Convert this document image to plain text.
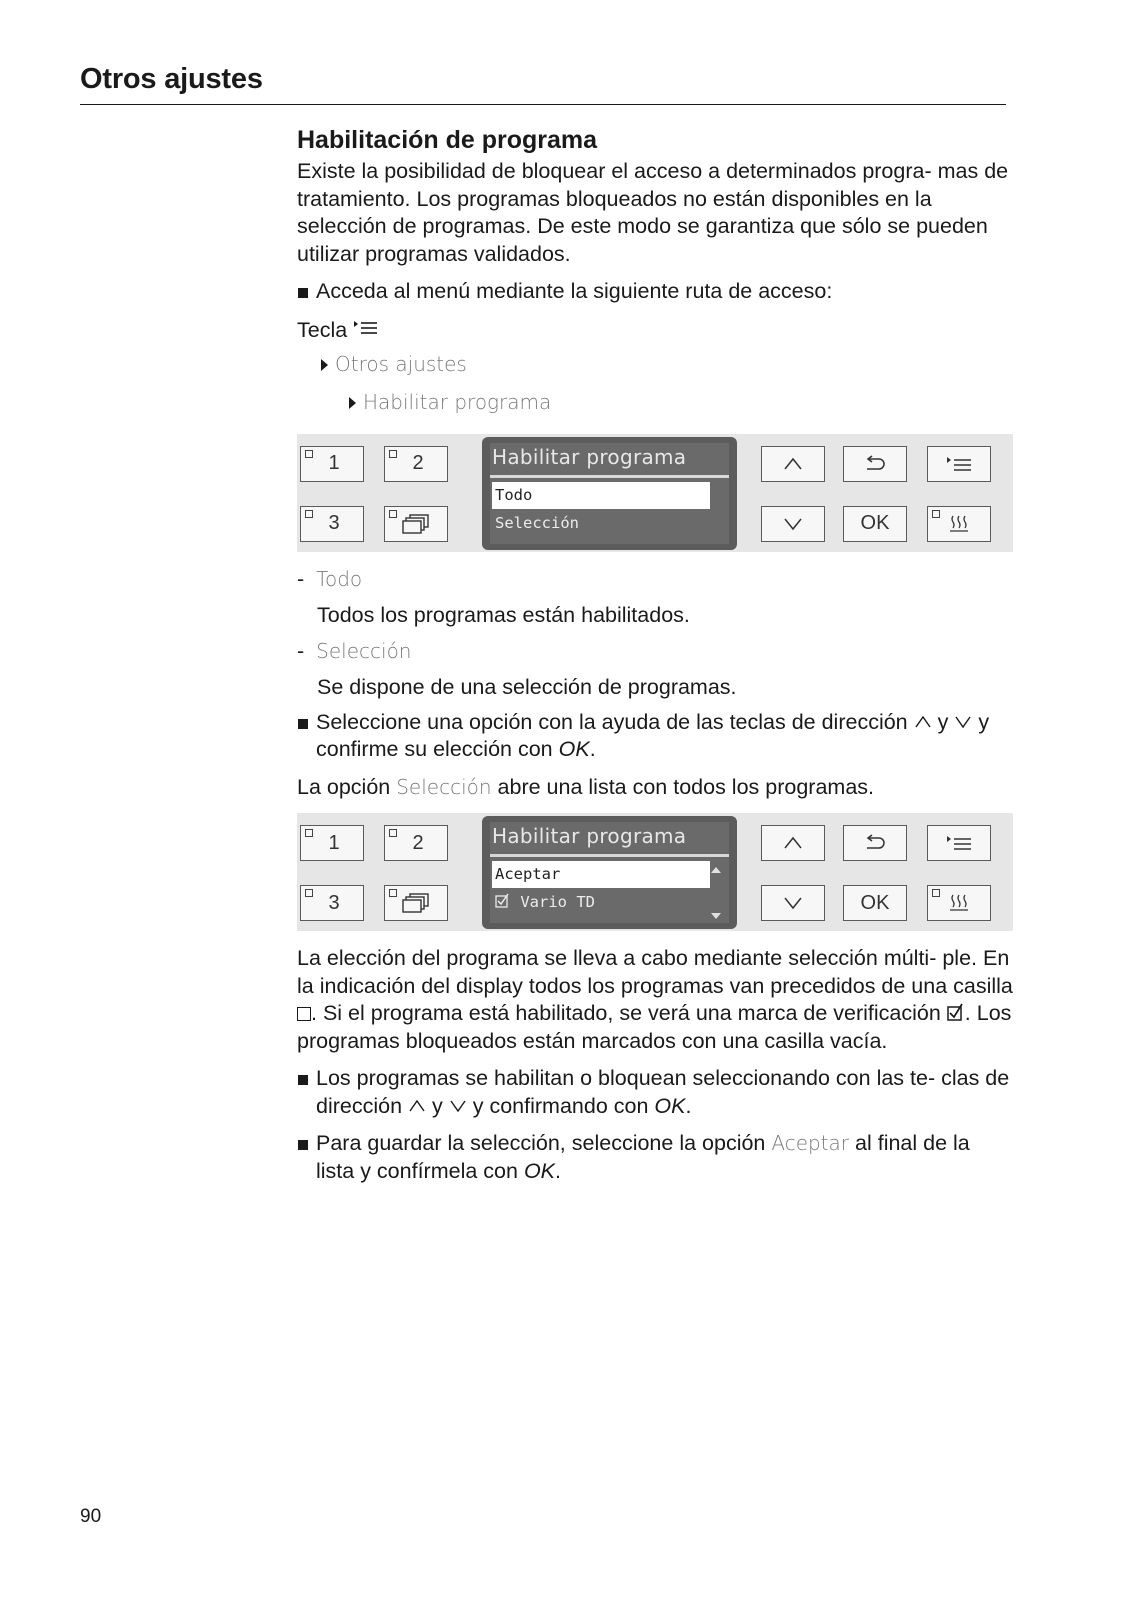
Otros ajustes
Habilitación de programa

Existe la posibilidad de bloquear el acceso a determinados progra- mas de tratamiento. Los programas bloqueados no están disponibles en la selección de programas. De este modo se garantiza que sólo se pueden utilizar programas validados.

Acceda al menú mediante la siguiente ruta de acceso:
Tecla
Otros ajustes
Habilitar programa
1	2
3
Habilitar programa
Todo
Selección	OK
- Todo
Todos los programas están habilitados.
- Selección
Se dispone de una selección de programas.
Seleccione una opción con la ayuda de las teclas de dirección y y confirme su elección con OK.

La opción Selección abre una lista con todos los programas.

1	2
3
Habilitar programa
Aceptar
Vario TD	OK

La elección del programa se lleva a cabo mediante selección múlti- ple. En la indicación del display todos los programas van precedidos de una casilla . Si el programa está habilitado, se verá una marca de verificación . Los programas bloqueados están marcados con una casilla vacía.

Los programas se habilitan o bloquean seleccionando con las te- clas de dirección y y confirmando con OK.
Para guardar la selección, seleccione la opción Aceptar al final de la lista y confírmela con OK.
90
